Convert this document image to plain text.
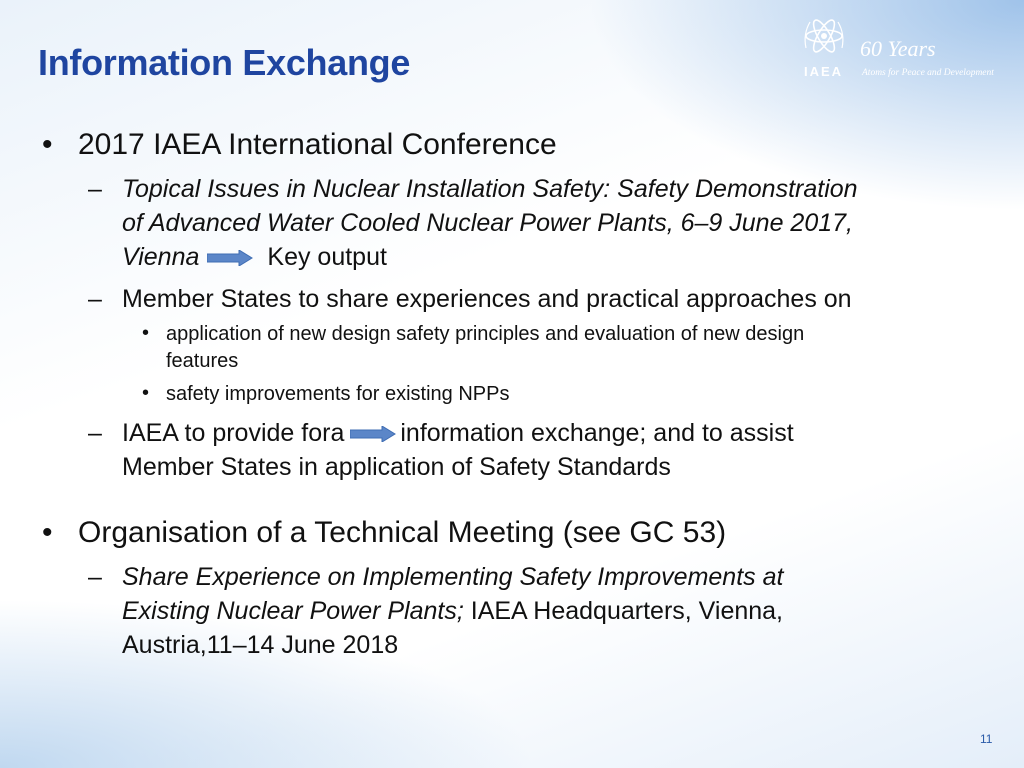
Information Exchange	IAEA
60 Years
Atoms for Peace and Development
• 2017 IAEA International Conference
– Topical Issues in Nuclear Installation Safety: Safety Demonstration
of Advanced Water Cooled Nuclear Power Plants, 6–9 June 2017,
Vienna	Key output
– Member States to share experiences and practical approaches on
• application of new design safety principles and evaluation of new design
features
• safety improvements for existing NPPs
– IAEA to provide fora information exchange; and to assist
Member States in application of Safety Standards
• Organisation of a Technical Meeting (see GC 53)
– Share Experience on Implementing Safety Improvements at
Existing Nuclear Power Plants; IAEA Headquarters, Vienna,
Austria,11–14 June 2018
11
